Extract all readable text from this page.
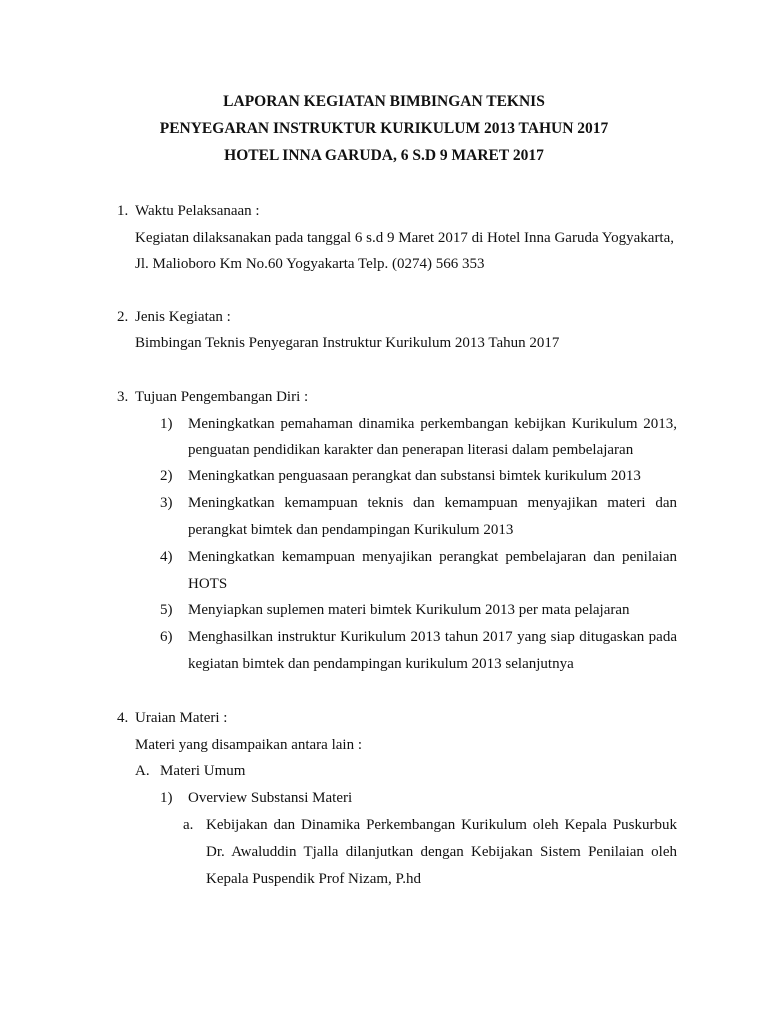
LAPORAN KEGIATAN BIMBINGAN TEKNIS
PENYEGARAN INSTRUKTUR KURIKULUM 2013 TAHUN 2017
HOTEL INNA GARUDA, 6 S.D 9 MARET 2017
1. Waktu Pelaksanaan :
Kegiatan dilaksanakan pada tanggal 6 s.d 9 Maret 2017 di Hotel Inna Garuda Yogyakarta,
Jl. Malioboro Km No.60 Yogyakarta Telp. (0274) 566 353
2. Jenis Kegiatan :
Bimbingan Teknis Penyegaran Instruktur Kurikulum 2013 Tahun 2017
3. Tujuan Pengembangan Diri :
1) Meningkatkan pemahaman dinamika perkembangan kebijkan Kurikulum 2013,
penguatan pendidikan karakter dan penerapan literasi dalam pembelajaran
2) Meningkatkan penguasaan perangkat dan substansi bimtek kurikulum 2013
3) Meningkatkan kemampuan teknis dan kemampuan menyajikan materi dan
perangkat bimtek dan pendampingan Kurikulum 2013
4) Meningkatkan kemampuan menyajikan perangkat pembelajaran dan penilaian
HOTS
5) Menyiapkan suplemen materi bimtek Kurikulum 2013 per mata pelajaran
6) Menghasilkan instruktur Kurikulum 2013 tahun 2017 yang siap ditugaskan pada
kegiatan bimtek dan pendampingan kurikulum 2013 selanjutnya
4. Uraian Materi :
Materi yang disampaikan antara lain :
A. Materi Umum
1) Overview Substansi Materi
a. Kebijakan dan Dinamika Perkembangan Kurikulum oleh Kepala Puskurbuk
Dr. Awaluddin Tjalla dilanjutkan dengan Kebijakan Sistem Penilaian oleh
Kepala Puspendik Prof Nizam, P.hd
